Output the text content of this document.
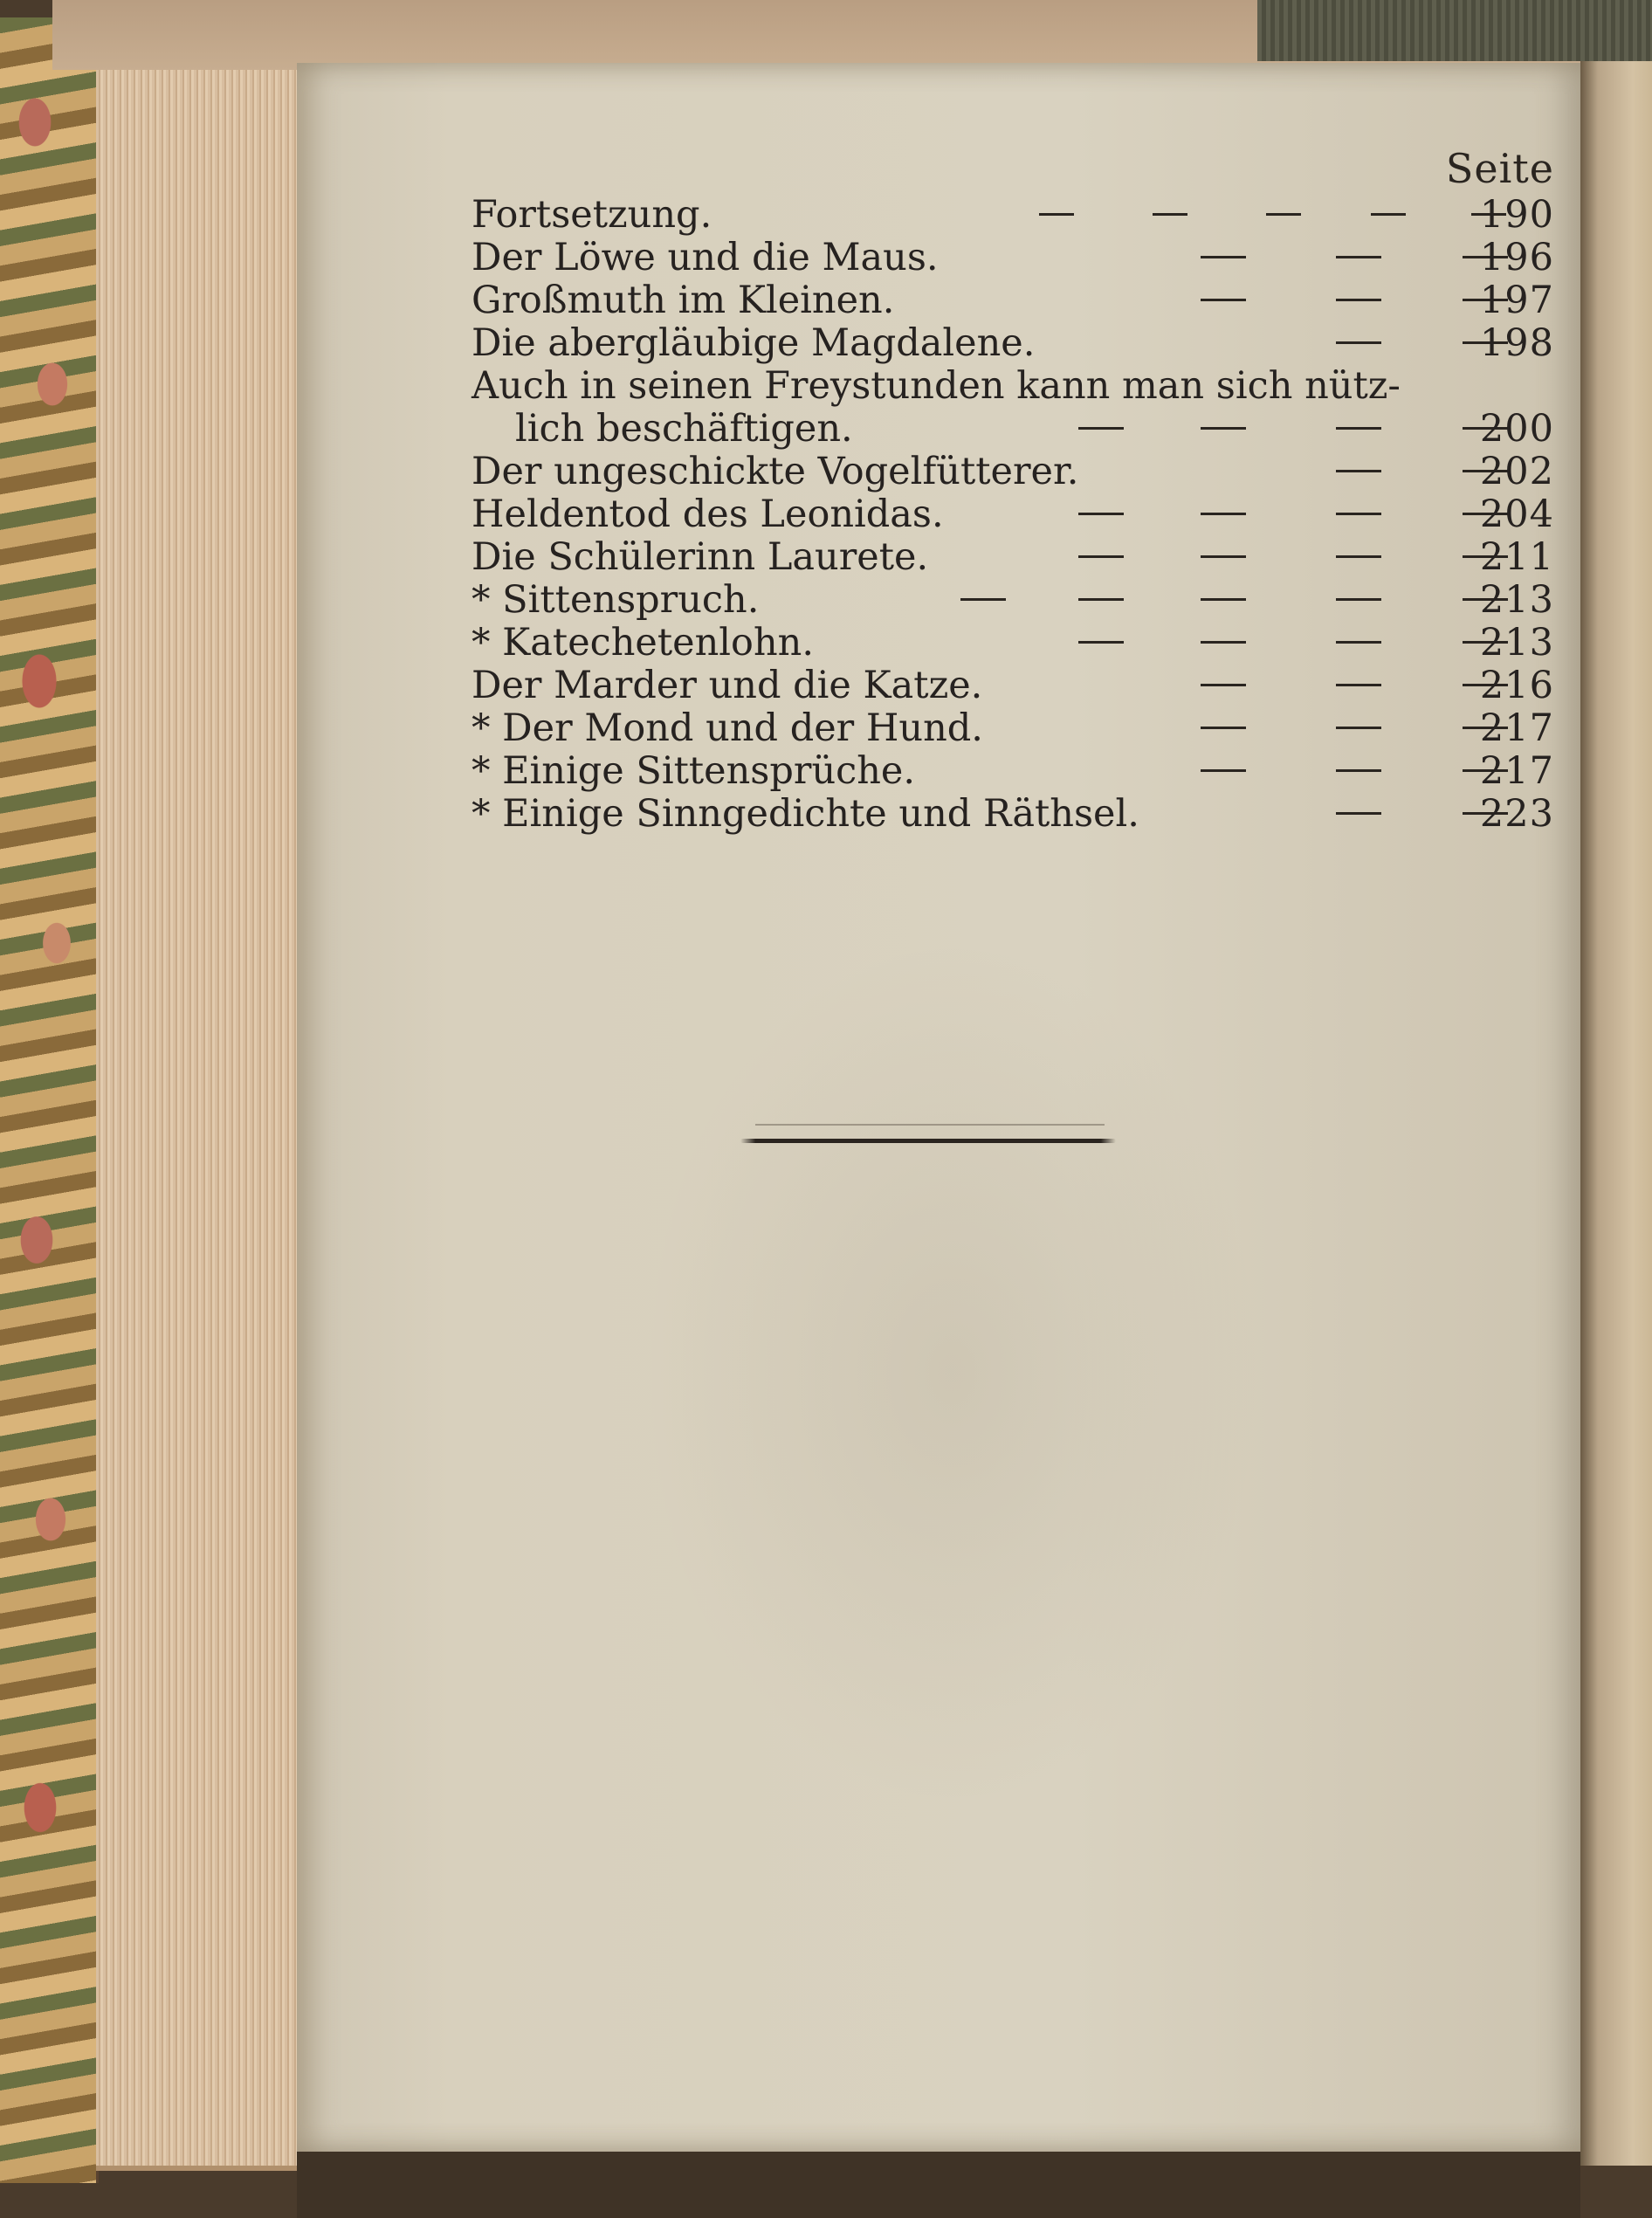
Seite
Fortsetzung.	190
Der Löwe und die Maus.	196
Großmuth im Kleinen.	197
Die abergläubige Magdalene.	198
Auch in seinen Freystunden kann man sich nütz-
lich beschäftigen.	200
Der ungeschickte Vogelfütterer.	202
Heldentod des Leonidas.	204
Die Schülerinn Laurete.	211
* Sittenspruch.	213
* Katechetenlohn.	213
Der Marder und die Katze.	216
* Der Mond und der Hund.	217
* Einige Sittensprüche.	217
* Einige Sinngedichte und Räthsel.	223
